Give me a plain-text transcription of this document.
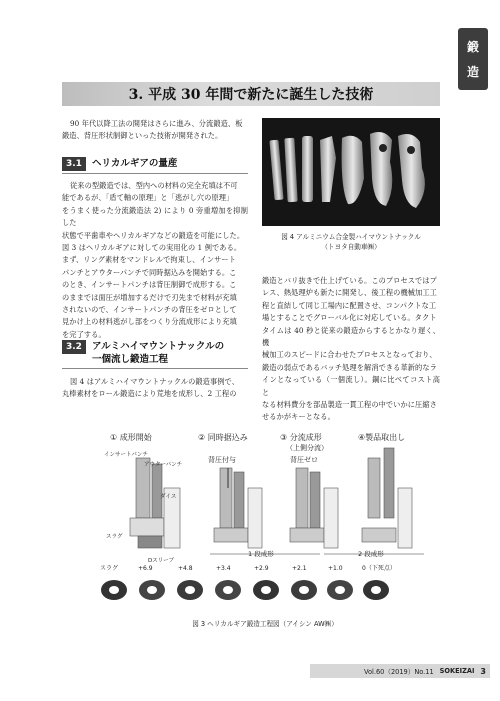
鍛
造
3. 平成 30 年間で新たに誕生した技術
90 年代以降工法の開発はさらに進み、分流鍛造、板
鍛造、背圧形状制御といった技術が開発された。
3.1	ヘリカルギアの量産
従来の型鍛造では、型内への材料の完全充填は不可
能であるが、「盾て軸の原理」と「逃がし穴の原理」
をうまく使った分流鍛造法 2) により 0 旁重増加を抑制した
状態で平歯車やヘリカルギアなどの鍛造を可能にした。
図 3 はヘリカルギアに対しての実用化の 1 例である。
まず、リング素材をマンドレルで拘束し、インサート
パンチとアウターパンチで同時据込みを開始する。こ
のとき、インサートパンチは背圧制御で成形する。こ
のままでは面圧が増加するだけで刃先まで材料が充填
されないので、インサートパンチの背圧をゼロとして
見かけ上の材料逃がし部をつくり分流成形により充填
を完了する。
3.2	アルミハイマウントナックルの
一個流し鍛造工程
図 4 はアルミハイマウントナックルの鍛造事例で、
丸棒素材をロール鍛造により荒地を成形し、2 工程の
図 4 アルミニウム合金製ハイマウントナックル
（トヨタ自動車㈱）
鍛造とバリ抜きで仕上げている。このプロセスではプ
レス、熱処理炉も新たに開発し、後工程の機械加工工
程と直結して同じ工場内に配置させ、コンパクトな工
場とすることでグローバル化に対応している。タクト
タイムは 40 秒と従来の鍛造からするとかなり遅く、機
械加工のスピードに合わせたプロセスとなっており、
鍛造の弱点であるバッチ処理を解消できる革新的なラ
インとなっている（一個流し）。鋼に比べてコスト高と
なる材料費分を部品製造一貫工程の中でいかに圧縮さ
せるかがキーとなる。
① 成形開始	② 同時据込み	③ 分流成形
（上側分流）
④製品取出し
インサートパンチ
アウターパンチ
ダイス
スラグ
Dスリーブ
背圧付与	背圧ゼロ
1 段成形	2 段成形
スラグ	+6.9	+4.8	+3.4	+2.9	+2.1	+1.0	0（下死点）
図 3 ヘリカルギア鍛造工程図（アイシン AW㈱）
Vol.60（2019）No.11 SOKEIZAI 3
